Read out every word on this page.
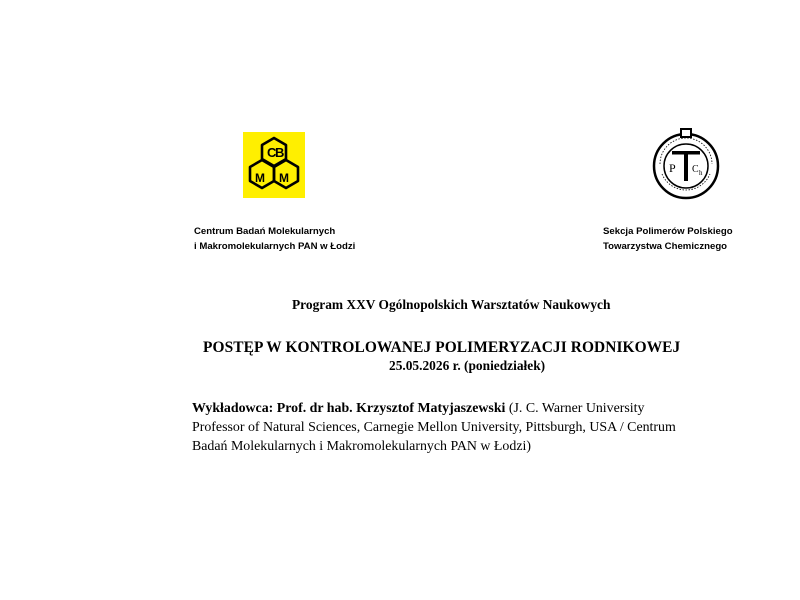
C
B
M M
P C h
Centrum Badań Molekularnych
i Makromolekularnych PAN w Łodzi
Sekcja Polimerów Polskiego
Towarzystwa Chemicznego
Program XXV Ogólnopolskich Warsztatów Naukowych
POSTĘP W KONTROLOWANEJ POLIMERYZACJI RODNIKOWEJ
25.05.2026 r. (poniedziałek)
Wykładowca: Prof. dr hab. Krzysztof Matyjaszewski (J. C. Warner University
Professor of Natural Sciences, Carnegie Mellon University, Pittsburgh, USA / Centrum
Badań Molekularnych i Makromolekularnych PAN w Łodzi)
